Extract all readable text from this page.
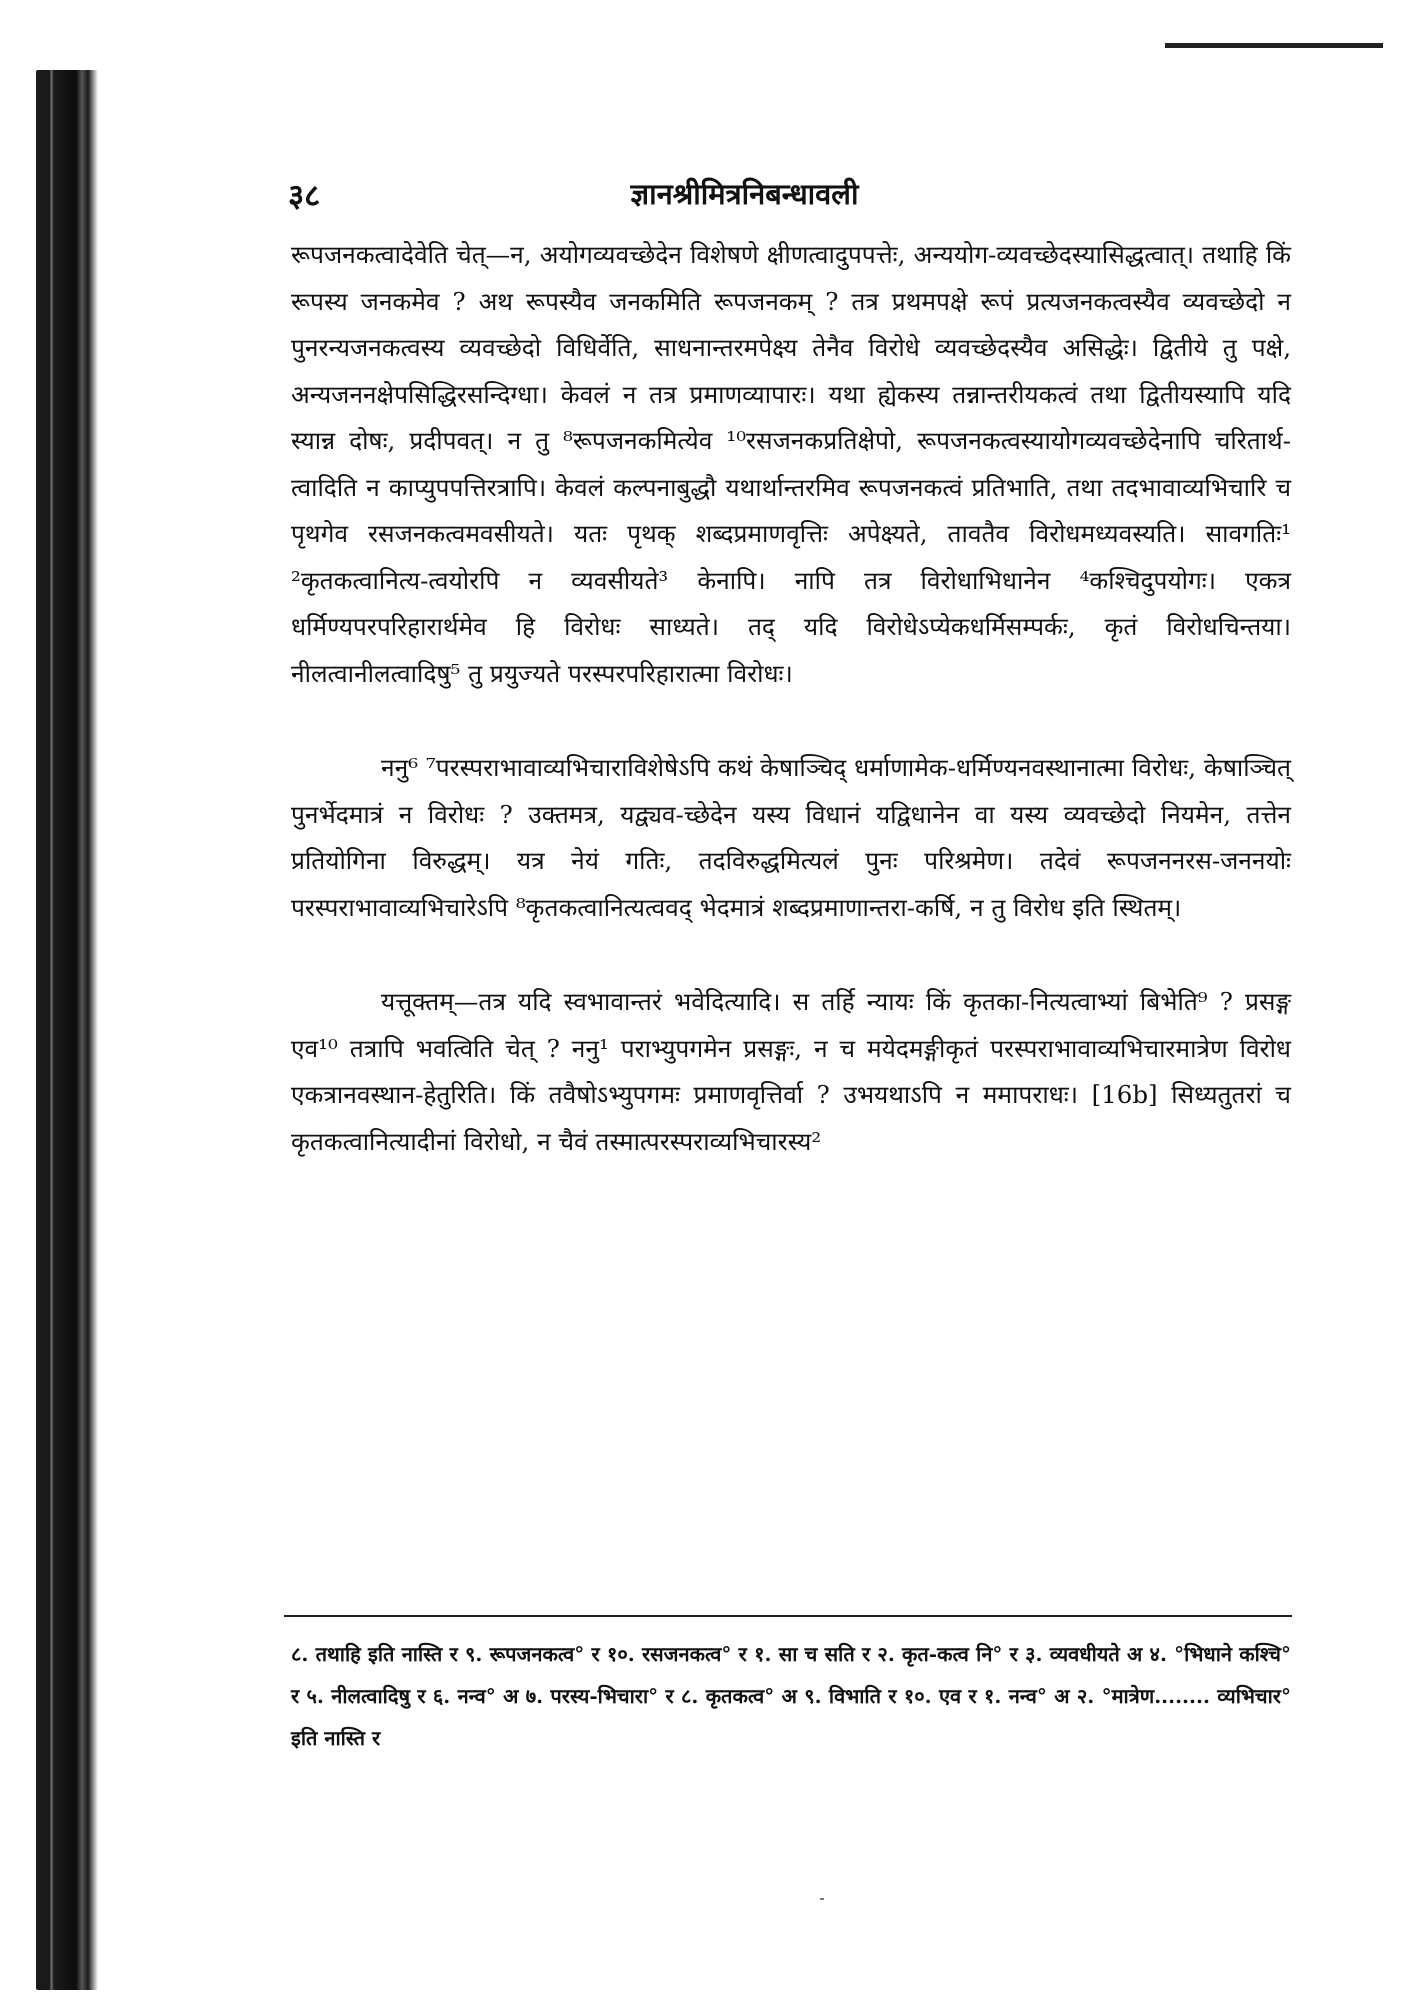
३८	ज्ञानश्रीमित्रनिबन्धावली

रूपजनकत्वादेवेति चेत्—न, अयोगव्यवच्छेदेन विशेषणे क्षीणत्वादुपपत्तेः, अन्ययोग-व्यवच्छेदस्यासिद्धत्वात्। तथाहि किं रूपस्य जनकमेव ? अथ रूपस्यैव जनकमिति रूपजनकम् ? तत्र प्रथमपक्षे रूपं प्रत्यजनकत्वस्यैव व्यवच्छेदो न पुनरन्यजनकत्वस्य व्यवच्छेदो विधिर्वेति, साधनान्तरमपेक्ष्य तेनैव विरोधे व्यवच्छेदस्यैव असिद्धेः। द्वितीये तु पक्षे, अन्यजननक्षेपसिद्धिरसन्दिग्धा। केवलं न तत्र प्रमाणव्यापारः। यथा ह्येकस्य तन्नान्तरीयकत्वं तथा द्वितीयस्यापि यदि स्यान्न दोषः, प्रदीपवत्। न तु ⁸रूपजनकमित्येव ¹⁰रसजनकप्रतिक्षेपो, रूपजनकत्वस्यायोगव्यवच्छेदेनापि चरितार्थ-त्वादिति न काप्युपपत्तिरत्रापि। केवलं कल्पनाबुद्धौ यथार्थान्तरमिव रूपजनकत्वं प्रतिभाति, तथा तदभावाव्यभिचारि च पृथगेव रसजनकत्वमवसीयते। यतः पृथक् शब्दप्रमाणवृत्तिः अपेक्ष्यते, तावतैव विरोधमध्यवस्यति। सावगतिः¹ ²कृतकत्वानित्य-त्वयोरपि न व्यवसीयते³ केनापि। नापि तत्र विरोधाभिधानेन ⁴कश्चिदुपयोगः। एकत्र धर्मिण्यपरपरिहारार्थमेव हि विरोधः साध्यते। तद् यदि विरोधेऽप्येकधर्मिसम्पर्कः, कृतं विरोधचिन्तया। नीलत्वानीलत्वादिषु⁵ तु प्रयुज्यते परस्परपरिहारात्मा विरोधः।

ननु⁶ ⁷परस्पराभावाव्यभिचाराविशेषेऽपि कथं केषाञ्चिद् धर्माणामेक-धर्मिण्यनवस्थानात्मा विरोधः, केषाञ्चित् पुनर्भेदमात्रं न विरोधः ? उक्तमत्र, यद्व्यव-च्छेदेन यस्य विधानं यद्विधानेन वा यस्य व्यवच्छेदो नियमेन, तत्तेन प्रतियोगिना विरुद्धम्। यत्र नेयं गतिः, तदविरुद्धमित्यलं पुनः परिश्रमेण। तदेवं रूपजननरस-जननयोः परस्पराभावाव्यभिचारेऽपि ⁸कृतकत्वानित्यत्ववद् भेदमात्रं शब्दप्रमाणान्तरा-कर्षि, न तु विरोध इति स्थितम्।

यत्तूक्तम्—तत्र यदि स्वभावान्तरं भवेदित्यादि। स तर्हि न्यायः किं कृतका-नित्यत्वाभ्यां बिभेति⁹ ? प्रसङ्ग एव¹⁰ तत्रापि भवत्विति चेत् ? ननु¹ पराभ्युपगमेन प्रसङ्गः, न च मयेदमङ्गीकृतं परस्पराभावाव्यभिचारमात्रेण विरोध एकत्रानवस्थान-हेतुरिति। किं तवैषोऽभ्युपगमः प्रमाणवृत्तिर्वा ? उभयथाऽपि न ममापराधः। [16b] सिध्यतुतरां च कृतकत्वानित्यादीनां विरोधो, न चैवं तस्मात्परस्पराव्यभिचारस्य²

८. तथाहि इति नास्ति र ९. रूपजनकत्व° र १०. रसजनकत्व° र १. सा च सति र २. कृत-कत्व नि° र ३. व्यवधीयते अ ४. °भिधाने कश्चि° र ५. नीलत्वादिषु र ६. नन्व° अ ७. परस्य-भिचारा° र ८. कृतकत्व° अ ९. विभाति र १०. एव र १. नन्व° अ २. °मात्रेण........ व्यभिचार° इति नास्ति र
